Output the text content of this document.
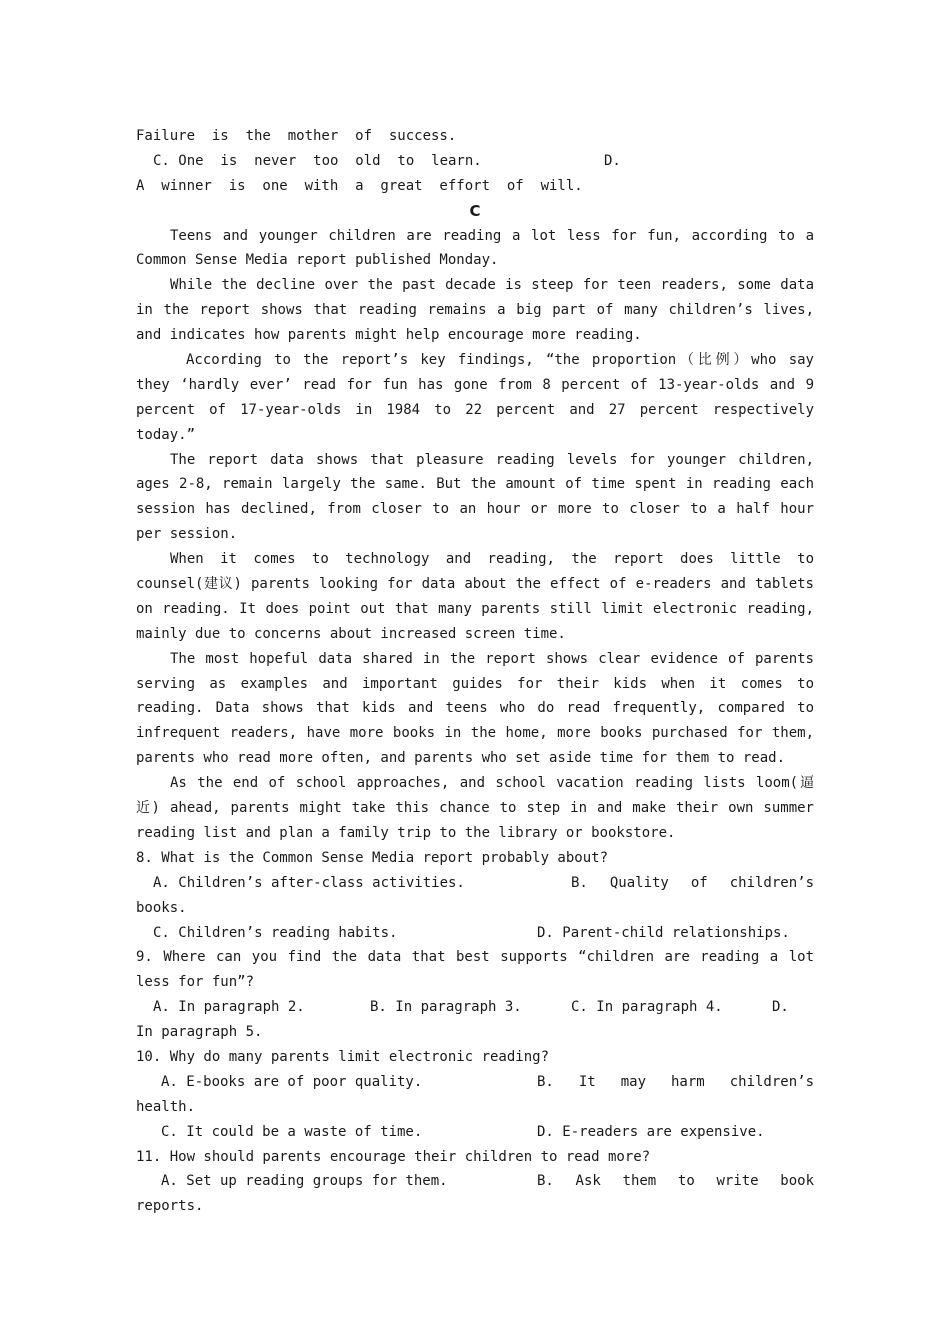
Failure  is  the  mother  of  success.
C. One  is  never  too  old  to  learn.	D.
A  winner  is  one  with  a  great  effort  of  will.
C
Teens and younger children are reading a lot less for fun, according to a
Common Sense Media report published Monday.
While the decline over the past decade is steep for teen readers, some data
in the report shows that reading remains a big part of many children’s lives,
and indicates how parents might help encourage more reading.
According to the report’s key findings, “the proportion（比例）who say
they ‘hardly ever’ read for fun has gone from 8 percent of 13-year-olds and 9
percent of 17-year-olds in 1984 to 22 percent and 27 percent respectively
today.”
The report data shows that pleasure reading levels for younger children,
ages 2-8, remain largely the same. But the amount of time spent in reading each
session has declined, from closer to an hour or more to closer to a half hour
per session.
When it comes to technology and reading, the report does little to
counsel(建议) parents looking for data about the effect of e-readers and tablets
on reading. It does point out that many parents still limit electronic reading,
mainly due to concerns about increased screen time.
The most hopeful data shared in the report shows clear evidence of parents
serving as examples and important guides for their kids when it comes to
reading. Data shows that kids and teens who do read frequently, compared to
infrequent readers, have more books in the home, more books purchased for them,
parents who read more often, and parents who set aside time for them to read.
As the end of school approaches, and school vacation reading lists loom(逼
近) ahead, parents might take this chance to step in and make their own summer
reading list and plan a family trip to the library or bookstore.
8. What is the Common Sense Media report probably about?
A. Children’s after-class activities.	B. Quality of children’s
books.
C. Children’s reading habits.	D. Parent-child relationships.
9. Where can you find the data that best supports “children are reading a lot
less for fun”?
A. In paragraph 2.	B. In paragraph 3.	C. In paragraph 4.	D.
In paragraph 5.
10. Why do many parents limit electronic reading?
A. E-books are of poor quality.	B. It may harm children’s
health.
C. It could be a waste of time.	D. E-readers are expensive.
11. How should parents encourage their children to read more?
A. Set up reading groups for them.	B. Ask them to write book
reports.
